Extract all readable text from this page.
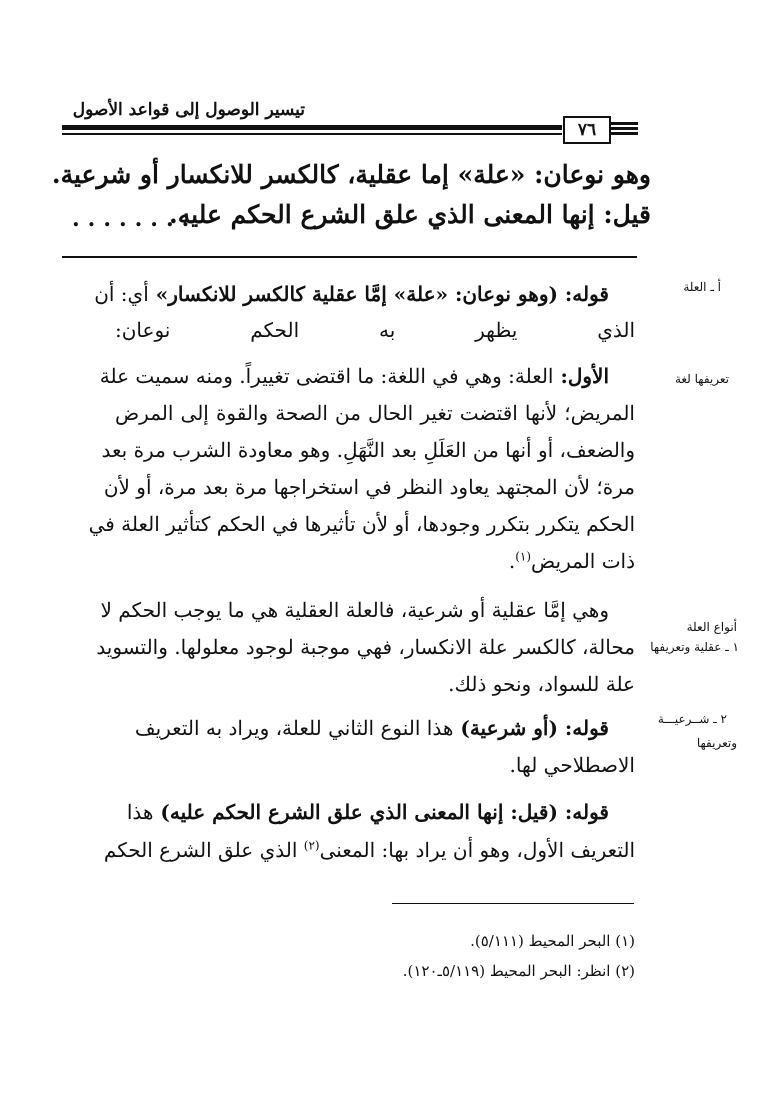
تيسير الوصول إلى قواعد الأصول
٧٦
وهو نوعان: «علة» إما عقلية، كالكسر للانكسار أو شرعية.
قيل: إنها المعنى الذي علق الشرع الحكم عليه.
........
أ ـ العلة
تعريفها لغة
أنواع العلة
١ ـ عقلية وتعريفها
٢ ـ شــرعيـــة
وتعريفها
قوله: (وهو نوعان: «علة» إمَّا عقلية كالكسر للانكسار» أي: أن
الذي يظهر به الحكم نوعان:
الأول: العلة: وهي في اللغة: ما اقتضى تغييراً. ومنه سميت علة
المريض؛ لأنها اقتضت تغير الحال من الصحة والقوة إلى المرض
والضعف، أو أنها من العَلَلِ بعد النَّهَلِ. وهو معاودة الشرب مرة بعد
مرة؛ لأن المجتهد يعاود النظر في استخراجها مرة بعد مرة، أو لأن
الحكم يتكرر بتكرر وجودها، أو لأن تأثيرها في الحكم كتأثير العلة في
ذات المريض$^{(١)}$.
وهي إمَّا عقلية أو شرعية، فالعلة العقلية هي ما يوجب الحكم لا
محالة، كالكسر علة الانكسار، فهي موجبة لوجود معلولها. والتسويد
علة للسواد، ونحو ذلك.
قوله: (أو شرعية) هذا النوع الثاني للعلة، ويراد به التعريف
الاصطلاحي لها.
قوله: (قيل: إنها المعنى الذي علق الشرع الحكم عليه) هذا
التعريف الأول، وهو أن يراد بها: المعنى$^{(٢)}$ الذي علق الشرع الحكم
(١) البحر المحيط (٥/١١١).
(٢) انظر: البحر المحيط (٥/١١٩ـ١٢٠).
